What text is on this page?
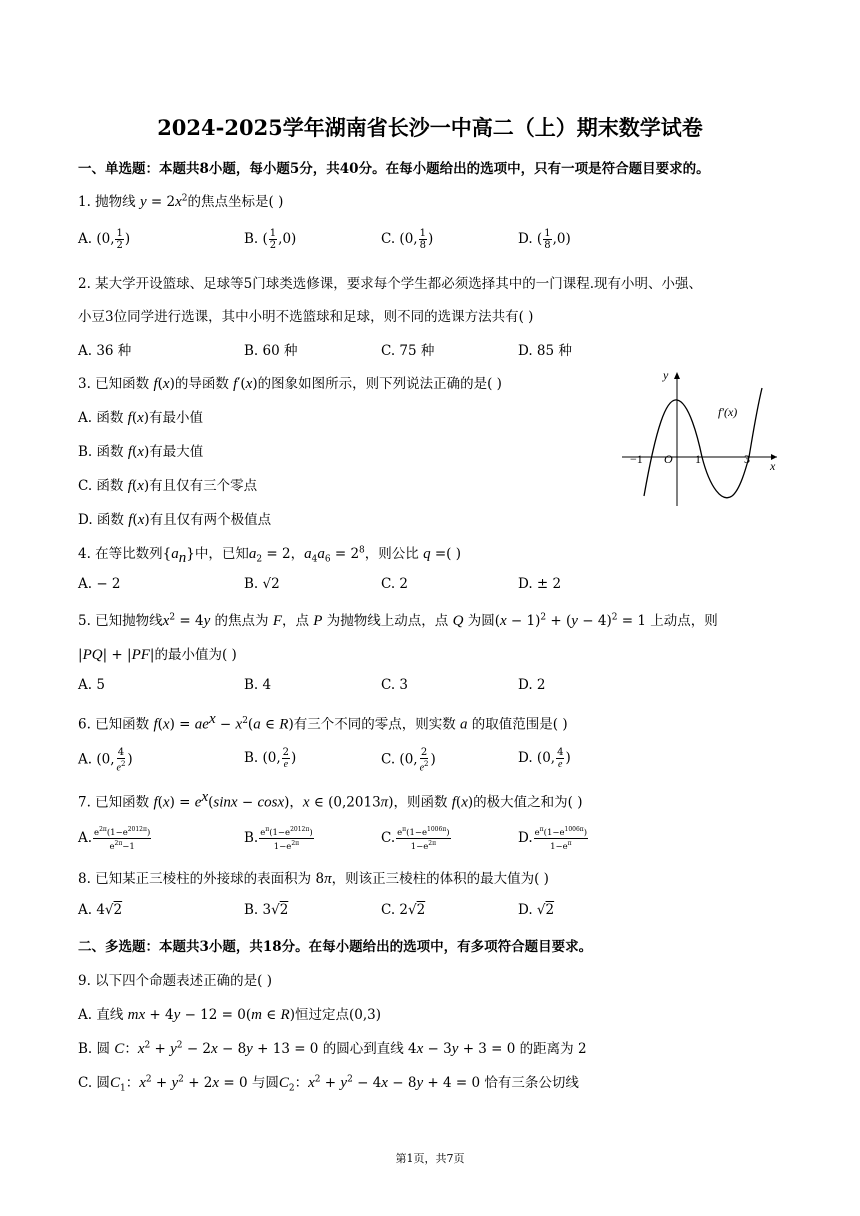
2024-2025学年湖南省长沙一中高二（上）期末数学试卷
一、单选题：本题共8小题，每小题5分，共40分。在每小题给出的选项中，只有一项是符合题目要求的。
1. 抛物线 $y = 2x^2$的焦点坐标是( )
A. (0, $\frac{1}{2}$ )	B. ( $\frac{1}{2} ,0$)	C. (0, $\frac{1}{8}$ )	D. ( $\frac{1}{8} ,0$)
2. 某大学开设篮球、足球等5门球类选修课，要求每个学生都必须选择其中的一门课程.现有小明、小强、
小豆3位同学进行选课，其中小明不选篮球和足球，则不同的选课方法共有( )
A. 36 种	B. 60 种	C. 75 种	D. 85 种
3. 已知函数 f(x)的导函数 f′(x)的图象如图所示，则下列说法正确的是( )
A. 函数 f(x)有最小值
B. 函数 f(x)有最大值
C. 函数 f(x)有且仅有三个零点
D. 函数 f(x)有且仅有两个极值点
y
x
f′(x)
−1 O 1	3
4. 在等比数列$\{a_n\}$中，已知$a_2 = 2$，$a_4a_6 = 2^8$，则公比 q =( )
A. − 2	B. √2	C. 2	D. ± 2
5. 已知抛物线$x^2 = 4y$ 的焦点为 F，点 P 为抛物线上动点，点 Q 为圆$(x - 1)^2 + (y - 4)^2 = 1$ 上动点，则
|PQ| + |PF|的最小值为( )
A. 5	B. 4	C. 3	D. 2
6. 已知函数 $f(x) = ae^x - x^2(a$ ∈ R)有三个不同的零点，则实数 a 的取值范围是( )
A. (0, $\frac{4}{e^2}$ )	B. (0, $\frac{2}{e}$ )	C. (0, $\frac{2}{e^2}$ )	D. (0, $\frac{4}{e}$ )
7. 已知函数 $f(x) = e^x(\sin x - \cos x)$，x ∈ (0,2013π)，则函数 f(x)的极大值之和为( )
A. $\frac{e^{2\pi}(1-e^{2012\pi})}{e^{2\pi}-1}$	B. $\frac{e^\pi(1-e^{2012\pi})}{1-e^{2\pi}}$	C. $\frac{e^\pi(1-e^{1006\pi})}{1-e^{2\pi}}$	D. $\frac{e^\pi(1-e^{1006\pi})}{1-e^\pi}$
8. 已知某正三棱柱的外接球的表面积为 8π，则该正三棱柱的体积的最大值为( )
A. 4√2	B. 3√2	C. 2√2	D. √2
二、多选题：本题共3小题，共18分。在每小题给出的选项中，有多项符合题目要求。
9. 以下四个命题表述正确的是( )
A. 直线 mx + 4y − 12 = 0(m ∈ R)恒过定点(0,3)
B. 圆 C：$x^2 + y^2 - 2x - 8y + 13 = 0$ 的圆心到直线 4x − 3y + 3 = 0 的距离为 2
C. 圆$C_1$：$x^2 + y^2 + 2x = 0$ 与圆$C_2$：$x^2 + y^2 - 4x - 8y + 4 = 0$ 恰有三条公切线
第1页，共7页
